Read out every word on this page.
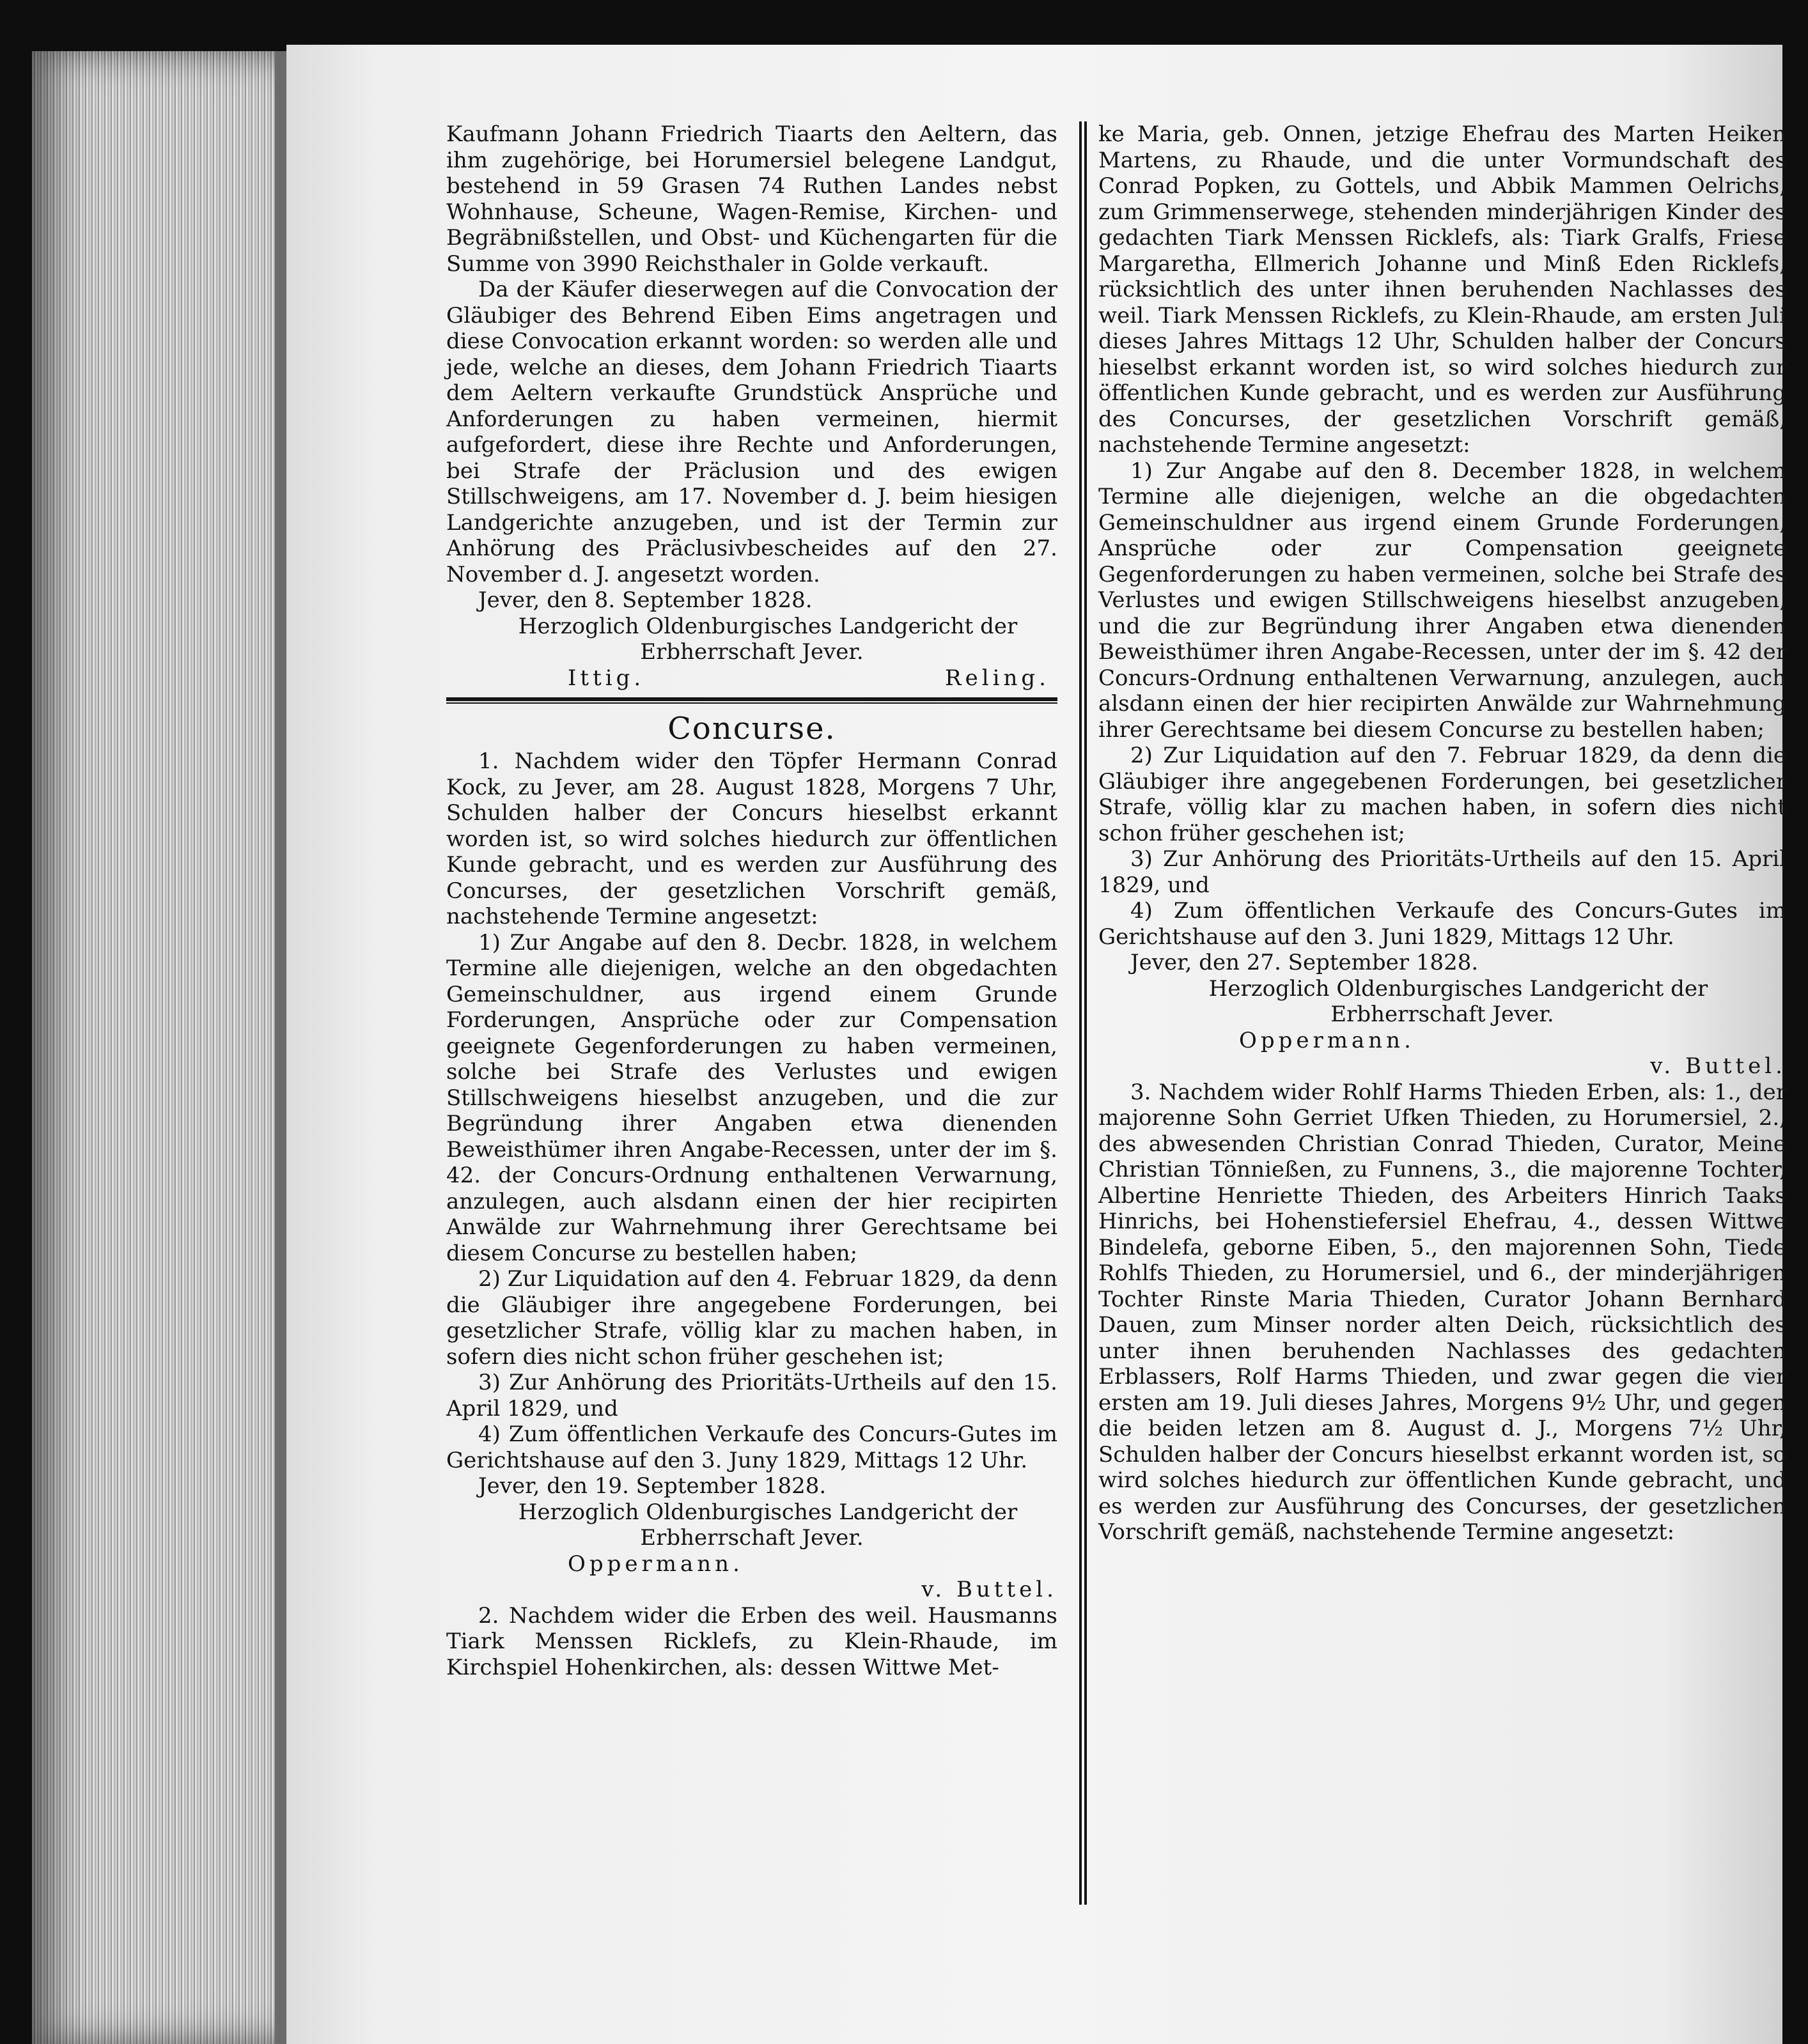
Kaufmann Johann Friedrich Tiaarts den Aeltern, das ihm zugehörige, bei Horumersiel belegene Landgut, bestehend in 59 Grasen 74 Ruthen Landes nebst Wohnhause, Scheune, Wagen-Remise, Kirchen- und Begräbnißstellen, und Obst- und Küchengarten für die Summe von 3990 Reichsthaler in Golde verkauft.

Da der Käufer dieserwegen auf die Convocation der Gläubiger des Behrend Eiben Eims angetragen und diese Convocation erkannt worden: so werden alle und jede, welche an dieses, dem Johann Friedrich Tiaarts dem Aeltern verkaufte Grundstück Ansprüche und Anforderungen zu haben vermeinen, hiermit aufgefordert, diese ihre Rechte und Anforderungen, bei Strafe der Präclusion und des ewigen Stillschweigens, am 17. November d. J. beim hiesigen Landgerichte anzugeben, und ist der Termin zur Anhörung des Präclusivbescheides auf den 27. November d. J. angesetzt worden.

Jever, den 8. September 1828.

Herzoglich Oldenburgisches Landgericht der Erbherrschaft Jever.

Ittig.	Reling.

Concurse.

1. Nachdem wider den Töpfer Hermann Conrad Kock, zu Jever, am 28. August 1828, Morgens 7 Uhr, Schulden halber der Concurs hieselbst erkannt worden ist, so wird solches hiedurch zur öffentlichen Kunde gebracht, und es werden zur Ausführung des Concurses, der gesetzlichen Vorschrift gemäß, nachstehende Termine angesetzt:

1) Zur Angabe auf den 8. Decbr. 1828, in welchem Termine alle diejenigen, welche an den obgedachten Gemeinschuldner, aus irgend einem Grunde Forderungen, Ansprüche oder zur Compensation geeignete Gegenforderungen zu haben vermeinen, solche bei Strafe des Verlustes und ewigen Stillschweigens hieselbst anzugeben, und die zur Begründung ihrer Angaben etwa dienenden Beweisthümer ihren Angabe-Recessen, unter der im §. 42. der Concurs-Ordnung enthaltenen Verwarnung, anzulegen, auch alsdann einen der hier recipirten Anwälde zur Wahrnehmung ihrer Gerechtsame bei diesem Concurse zu bestellen haben;

2) Zur Liquidation auf den 4. Februar 1829, da denn die Gläubiger ihre angegebene Forderungen, bei gesetzlicher Strafe, völlig klar zu machen haben, in sofern dies nicht schon früher geschehen ist;

3) Zur Anhörung des Prioritäts-Urtheils auf den 15. April 1829, und

4) Zum öffentlichen Verkaufe des Concurs-Gutes im Gerichtshause auf den 3. Juny 1829, Mittags 12 Uhr.

Jever, den 19. September 1828.

Herzoglich Oldenburgisches Landgericht der Erbherrschaft Jever.

Oppermann.

v. Buttel.

2. Nachdem wider die Erben des weil. Hausmanns Tiark Menssen Ricklefs, zu Klein-Rhaude, im Kirchspiel Hohenkirchen, als: dessen Wittwe Met-

ke Maria, geb. Onnen, jetzige Ehefrau des Marten Heiken Martens, zu Rhaude, und die unter Vormundschaft des Conrad Popken, zu Gottels, und Abbik Mammen Oelrichs, zum Grimmenserwege, stehenden minderjährigen Kinder des gedachten Tiark Menssen Ricklefs, als: Tiark Gralfs, Friese Margaretha, Ellmerich Johanne und Minß Eden Ricklefs, rücksichtlich des unter ihnen beruhenden Nachlasses des weil. Tiark Menssen Ricklefs, zu Klein-Rhaude, am ersten Juli dieses Jahres Mittags 12 Uhr, Schulden halber der Concurs hieselbst erkannt worden ist, so wird solches hiedurch zur öffentlichen Kunde gebracht, und es werden zur Ausführung des Concurses, der gesetzlichen Vorschrift gemäß, nachstehende Termine angesetzt:

1) Zur Angabe auf den 8. December 1828, in welchem Termine alle diejenigen, welche an die obgedachten Gemeinschuldner aus irgend einem Grunde Forderungen, Ansprüche oder zur Compensation geeignete Gegenforderungen zu haben vermeinen, solche bei Strafe des Verlustes und ewigen Stillschweigens hieselbst anzugeben, und die zur Begründung ihrer Angaben etwa dienenden Beweisthümer ihren Angabe-Recessen, unter der im §. 42 der Concurs-Ordnung enthaltenen Verwarnung, anzulegen, auch alsdann einen der hier recipirten Anwälde zur Wahrnehmung ihrer Gerechtsame bei diesem Concurse zu bestellen haben;

2) Zur Liquidation auf den 7. Februar 1829, da denn die Gläubiger ihre angegebenen Forderungen, bei gesetzlicher Strafe, völlig klar zu machen haben, in sofern dies nicht schon früher geschehen ist;

3) Zur Anhörung des Prioritäts-Urtheils auf den 15. April 1829, und

4) Zum öffentlichen Verkaufe des Concurs-Gutes im Gerichtshause auf den 3. Juni 1829, Mittags 12 Uhr.

Jever, den 27. September 1828.

Herzoglich Oldenburgisches Landgericht der Erbherrschaft Jever.

Oppermann.

v. Buttel.

3. Nachdem wider Rohlf Harms Thieden Erben, als: 1., der majorenne Sohn Gerriet Ufken Thieden, zu Horumersiel, 2., des abwesenden Christian Conrad Thieden, Curator, Meine Christian Tönnießen, zu Funnens, 3., die majorenne Tochter, Albertine Henriette Thieden, des Arbeiters Hinrich Taaks Hinrichs, bei Hohenstiefersiel Ehefrau, 4., dessen Wittwe Bindelefa, geborne Eiben, 5., den majorennen Sohn, Tiede Rohlfs Thieden, zu Horumersiel, und 6., der minderjährigen Tochter Rinste Maria Thieden, Curator Johann Bernhard Dauen, zum Minser norder alten Deich, rücksichtlich des unter ihnen beruhenden Nachlasses des gedachten Erblassers, Rolf Harms Thieden, und zwar gegen die vier ersten am 19. Juli dieses Jahres, Morgens 9½ Uhr, und gegen die beiden letzen am 8. August d. J., Morgens 7½ Uhr, Schulden halber der Concurs hieselbst erkannt worden ist, so wird solches hiedurch zur öffentlichen Kunde gebracht, und es werden zur Ausführung des Concurses, der gesetzlichen Vorschrift gemäß, nachstehende Termine angesetzt:
